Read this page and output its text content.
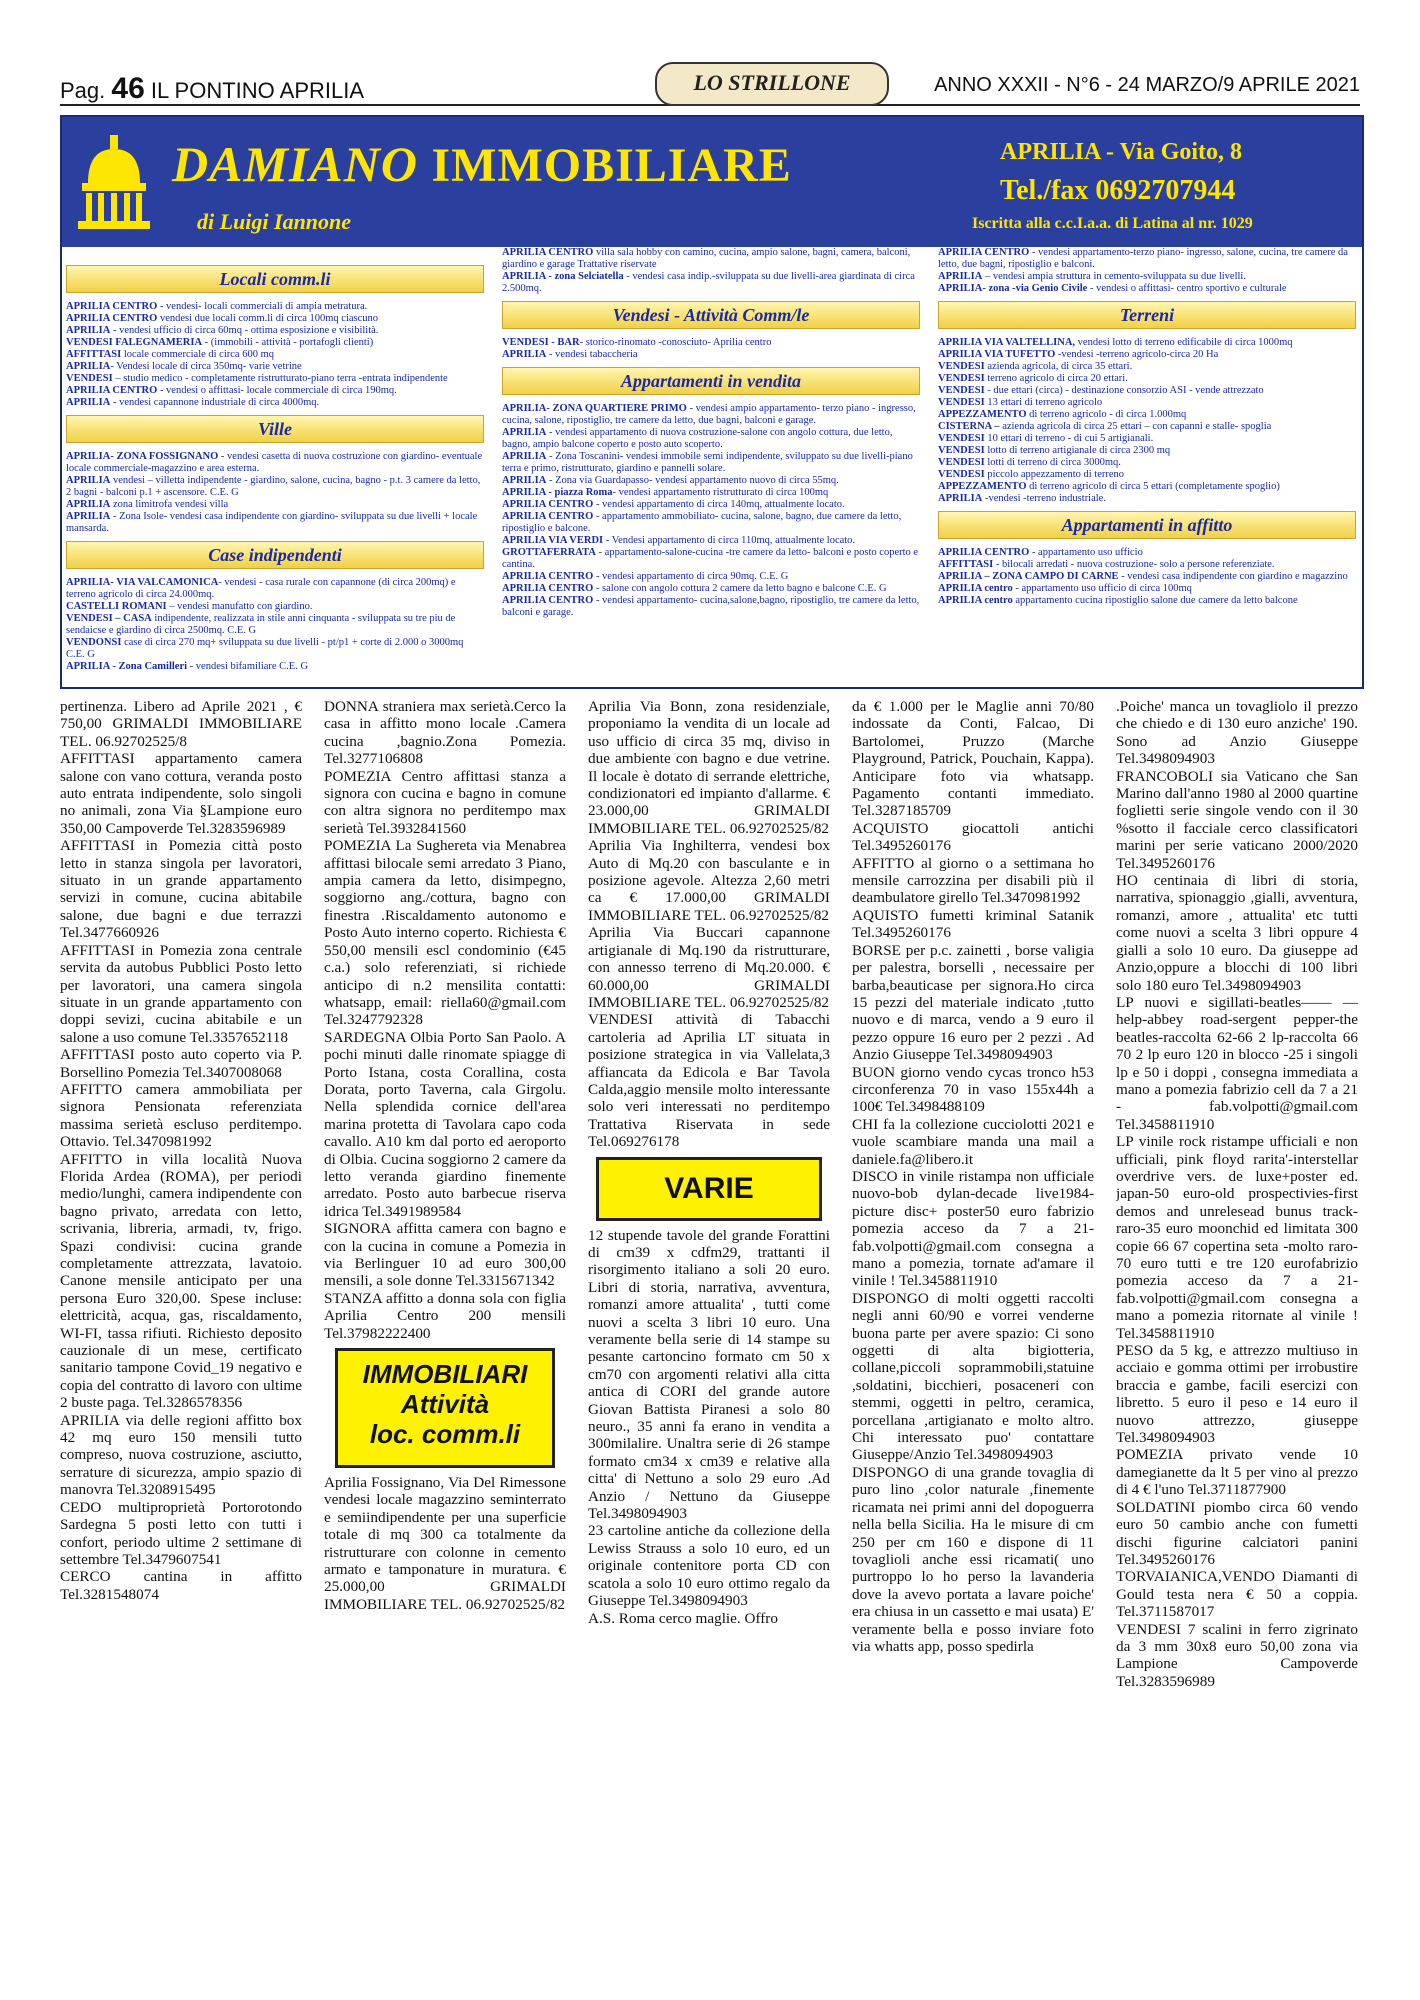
Pag. 46 IL PONTINO APRILIA	LO STRILLONE	ANNO XXXII - N°6 - 24 MARZO/9 APRILE 2021
DAMIANO IMMOBILIARE
di Luigi Iannone
APRILIA - Via Goito, 8
Tel./fax 0692707944
Iscritta alla c.c.I.a.a. di Latina al nr. 1029
Locali comm.li

APRILIA CENTRO - vendesi- locali commerciali di ampia metratura.

APRILIA CENTRO vendesi due locali comm.li di circa 100mq ciascuno

APRILIA - vendesi ufficio di circa 60mq - ottima esposizione e visibilità.

VENDESI FALEGNAMERIA - (immobili - attività - portafogli clienti)

AFFITTASI locale commerciale di circa 600 mq

APRILIA- Vendesi locale di circa 350mq- varie vetrine

VENDESI – studio medico - completamente ristrutturato-piano terra -entrata indipendente

APRILIA CENTRO - vendesi o affittasi- locale commerciale di circa 190mq.

APRILIA - vendesi capannone industriale di circa 4000mq.

Ville

APRILIA- ZONA FOSSIGNANO - vendesi casetta di nuova costruzione con giardino- eventuale locale commerciale-magazzino e area esterna.

APRILIA vendesi – villetta indipendente - giardino, salone, cucina, bagno - p.t. 3 camere da letto, 2 bagni - balconi p.1 + ascensore. C.E. G

APRILIA zona limitrofa vendesi villa

APRILIA - Zona Isole- vendesi casa indipendente con giardino- sviluppata su due livelli + locale mansarda.

Case indipendenti

APRILIA- VIA VALCAMONICA- vendesi - casa rurale con capannone (di circa 200mq) e terreno agricolo di circa 24.000mq.

CASTELLI ROMANI – vendesi manufatto con giardino.

VENDESI – CASA indipendente, realizzata in stile anni cinquanta - sviluppata su tre piu de sendaicse e giardino di circa 2500mq. C.E. G

VENDONSI case di circa 270 mq+ sviluppata su due livelli - pt/p1 + corte di 2.000 o 3000mq C.E. G

APRILIA - Zona Camilleri - vendesi bifamiliare C.E. G

APRILIA CENTRO villa sala hobby con camino, cucina, ampio salone, bagni, camera, balconi, giardino e garage Trattative riservate

APRILIA - zona Selciatella - vendesi casa indip.-sviluppata su due livelli-area giardinata di circa 2.500mq.

Vendesi - Attività Comm/le

VENDESI - BAR- storico-rinomato -conosciuto- Aprilia centro

APRILIA - vendesi tabaccheria

Appartamenti in vendita

APRILIA- ZONA QUARTIERE PRIMO - vendesi ampio appartamento- terzo piano - ingresso, cucina, salone, ripostiglio, tre camere da letto, due bagni, balconi e garage.

APRILIA - vendesi appartamento di nuova costruzione-salone con angolo cottura, due letto, bagno, ampio balcone coperto e posto auto scoperto.

APRILIA - Zona Toscanini- vendesi immobile semi indipendente, sviluppato su due livelli-piano terra e primo, ristrutturato, giardino e pannelli solare.

APRILIA - Zona via Guardapasso- vendesi appartamento nuovo di circa 55mq.

APRILIA - piazza Roma- vendesi appartamento ristrutturato di circa 100mq

APRILIA CENTRO - vendesi appartamento di circa 140mq, attualmente locato.

APRILIA CENTRO - appartamento ammobiliato- cucina, salone, bagno, due camere da letto, ripostiglio e balcone.

APRILIA VIA VERDI - Vendesi appartamento di circa 110mq, attualmente locato.

GROTTAFERRATA - appartamento-salone-cucina -tre camere da letto- balconi e posto coperto e cantina.

APRILIA CENTRO - vendesi appartamento di circa 90mq. C.E. G

APRILIA CENTRO - salone con angolo cottura 2 camere da letto bagno e balcone C.E. G

APRILIA CENTRO - vendesi appartamento- cucina,salone,bagno, ripostiglio, tre camere da letto, balconi e garage.

APRILIA CENTRO - vendesi appartamento-terzo piano- ingresso, salone, cucina, tre camere da letto, due bagni, ripostiglio e balconi.

APRILIA – vendesi ampia struttura in cemento-sviluppata su due livelli.

APRILIA- zona -via Genio Civile - vendesi o affittasi- centro sportivo e culturale

Terreni

APRILIA VIA VALTELLINA, vendesi lotto di terreno edificabile di circa 1000mq

APRILIA VIA TUFETTO -vendesi -terreno agricolo-circa 20 Ha

VENDESI azienda agricola, di circa 35 ettari.

VENDESI terreno agricolo di circa 20 ettari.

VENDESI - due ettari (circa) - destinazione consorzio ASI - vende attrezzato

VENDESI 13 ettari di terreno agricolo

APPEZZAMENTO di terreno agricolo - di circa 1.000mq

CISTERNA – azienda agricola di circa 25 ettari – con capanni e stalle- spoglia

VENDESI 10 ettari di terreno - di cui 5 artigianali.

VENDESI lotto di terreno artigianale di circa 2300 mq

VENDESI lotti di terreno di circa 3000mq.

VENDESI piccolo appezzamento di terreno

APPEZZAMENTO di terreno agricolo di circa 5 ettari (completamente spoglio)

APRILIA -vendesi -terreno industriale.

Appartamenti in affitto

APRILIA CENTRO - appartamento uso ufficio

AFFITTASI - bilocali arredati - nuova costruzione- solo a persone referenziate.

APRILIA – ZONA CAMPO DI CARNE - vendesi casa indipendente con giardino e magazzino

APRILIA centro - appartamento uso ufficio di circa 100mq

APRILIA centro appartamento cucina ripostiglio salone due camere da letto balcone

pertinenza. Libero ad Aprile 2021 , € 750,00 GRIMALDI IMMOBILIARE TEL. 06.92702525/8

AFFITTASI appartamento camera salone con vano cottura, veranda posto auto entrata indipendente, solo singoli no animali, zona Via §Lampione euro 350,00 Campoverde Tel.3283596989

AFFITTASI in Pomezia città posto letto in stanza singola per lavoratori, situato in un grande appartamento servizi in comune, cucina abitabile salone, due bagni e due terrazzi Tel.3477660926

AFFITTASI in Pomezia zona centrale servita da autobus Pubblici Posto letto per lavoratori, una camera singola situate in un grande appartamento con doppi sevizi, cucina abitabile e un salone a uso comune Tel.3357652118

AFFITTASI posto auto coperto via P. Borsellino Pomezia Tel.3407008068

AFFITTO camera ammobiliata per signora Pensionata referenziata massima serietà escluso perditempo. Ottavio. Tel.3470981992

AFFITTO in villa località Nuova Florida Ardea (ROMA), per periodi medio/lunghi, camera indipendente con bagno privato, arredata con letto, scrivania, libreria, armadi, tv, frigo. Spazi condivisi: cucina grande completamente attrezzata, lavatoio. Canone mensile anticipato per una persona Euro 320,00. Spese incluse: elettricità, acqua, gas, riscaldamento, WI-FI, tassa rifiuti. Richiesto deposito cauzionale di un mese, certificato sanitario tampone Covid_19 negativo e copia del contratto di lavoro con ultime 2 buste paga. Tel.3286578356

APRILIA via delle regioni affitto box 42 mq euro 150 mensili tutto compreso, nuova costruzione, asciutto, serrature di sicurezza, ampio spazio di manovra Tel.3208915495

CEDO multiproprietà Portorotondo Sardegna 5 posti letto con tutti i confort, periodo ultime 2 settimane di settembre Tel.3479607541

CERCO cantina in affitto Tel.3281548074

DONNA straniera max serietà.Cerco la casa in affitto mono locale .Camera cucina ,bagnio.Zona Pomezia. Tel.3277106808

POMEZIA Centro affittasi stanza a signora con cucina e bagno in comune con altra signora no perditempo max serietà Tel.3932841560

POMEZIA La Sughereta via Menabrea affittasi bilocale semi arredato 3 Piano, ampia camera da letto, disimpegno, soggiorno ang./cottura, bagno con finestra .Riscaldamento autonomo e Posto Auto interno coperto. Richiesta € 550,00 mensili escl condominio (€45 c.a.) solo referenziati, si richiede anticipo di n.2 mensilita contatti: whatsapp, email: riella60@gmail.com Tel.3247792328

SARDEGNA Olbia Porto San Paolo. A pochi minuti dalle rinomate spiagge di Porto Istana, costa Corallina, costa Dorata, porto Taverna, cala Girgolu. Nella splendida cornice dell'area marina protetta di Tavolara capo coda cavallo. A10 km dal porto ed aeroporto di Olbia. Cucina soggiorno 2 camere da letto veranda giardino finemente arredato. Posto auto barbecue riserva idrica Tel.3491989584

SIGNORA affitta camera con bagno e con la cucina in comune a Pomezia in via Berlinguer 10 ad euro 300,00 mensili, a sole donne Tel.3315671342

STANZA affitto a donna sola con figlia Aprilia Centro 200 mensili Tel.37982222400

IMMOBILIARI
Attività
loc. comm.li

Aprilia Fossignano, Via Del Rimessone vendesi locale magazzino seminterrato e semiindipendente per una superficie totale di mq 300 ca totalmente da ristrutturare con colonne in cemento armato e tamponature in muratura. € 25.000,00 GRIMALDI IMMOBILIARE TEL. 06.92702525/82

Aprilia Via Bonn, zona residenziale, proponiamo la vendita di un locale ad uso ufficio di circa 35 mq, diviso in due ambiente con bagno e due vetrine. Il locale è dotato di serrande elettriche, condizionatori ed impianto d'allarme. € 23.000,00 GRIMALDI IMMOBILIARE TEL. 06.92702525/82

Aprilia Via Inghilterra, vendesi box Auto di Mq.20 con basculante e in posizione agevole. Altezza 2,60 metri ca € 17.000,00 GRIMALDI IMMOBILIARE TEL. 06.92702525/82

Aprilia Via Buccari capannone artigianale di Mq.190 da ristrutturare, con annesso terreno di Mq.20.000. € 60.000,00 GRIMALDI IMMOBILIARE TEL. 06.92702525/82

VENDESI attività di Tabacchi cartoleria ad Aprilia LT situata in posizione strategica in via Vallelata,3 affiancata da Edicola e Bar Tavola Calda,aggio mensile molto interessante solo veri interessati no perditempo Trattativa Riservata in sede Tel.069276178

VARIE

12 stupende tavole del grande Forattini di cm39 x cdfm29, trattanti il risorgimento italiano a soli 20 euro. Libri di storia, narrativa, avventura, romanzi amore attualita' , tutti come nuovi a scelta 3 libri 10 euro. Una veramente bella serie di 14 stampe su pesante cartoncino formato cm 50 x cm70 con argomenti relativi alla citta antica di CORI del grande autore Giovan Battista Piranesi a solo 80 neuro., 35 anni fa erano in vendita a 300milalire. Unaltra serie di 26 stampe formato cm34 x cm39 e relative alla citta' di Nettuno a solo 29 euro .Ad Anzio / Nettuno da Giuseppe Tel.3498094903

23 cartoline antiche da collezione della Lewiss Strauss a solo 10 euro, ed un originale contenitore porta CD con scatola a solo 10 euro ottimo regalo da Giuseppe Tel.3498094903

A.S. Roma cerco maglie. Offro

da € 1.000 per le Maglie anni 70/80 indossate da Conti, Falcao, Di Bartolomei, Pruzzo (Marche Playground, Patrick, Pouchain, Kappa). Anticipare foto via whatsapp. Pagamento contanti immediato. Tel.3287185709

ACQUISTO giocattoli antichi Tel.3495260176

AFFITTO al giorno o a settimana ho mensile carrozzina per disabili più il deambulatore girello Tel.3470981992

AQUISTO fumetti kriminal Satanik Tel.3495260176

BORSE per p.c. zainetti , borse valigia per palestra, borselli , necessaire per barba,beauticase per signora.Ho circa 15 pezzi del materiale indicato ,tutto nuovo e di marca, vendo a 9 euro il pezzo oppure 16 euro per 2 pezzi . Ad Anzio Giuseppe Tel.3498094903

BUON giorno vendo cycas tronco h53 circonferenza 70 in vaso 155x44h a 100€ Tel.3498488109

CHI fa la collezione cucciolotti 2021 e vuole scambiare manda una mail a daniele.fa@libero.it

DISCO in vinile ristampa non ufficiale nuovo-bob dylan-decade live1984-picture disc+ poster50 euro fabrizio pomezia acceso da 7 a 21-fab.volpotti@gmail.com consegna a mano a pomezia, tornate ad'amare il vinile ! Tel.3458811910

DISPONGO di molti oggetti raccolti negli anni 60/90 e vorrei venderne buona parte per avere spazio: Ci sono oggetti di alta bigiotteria, collane,piccoli soprammobili,statuine ,soldatini, bicchieri, posaceneri con stemmi, oggetti in peltro, ceramica, porcellana ,artigianato e molto altro. Chi interessato puo' contattare Giuseppe/Anzio Tel.3498094903

DISPONGO di una grande tovaglia di puro lino ,color naturale ,finemente ricamata nei primi anni del dopoguerra nella bella Sicilia. Ha le misure di cm 250 per cm 160 e dispone di 11 tovaglioli anche essi ricamati( uno purtroppo lo ho perso la lavanderia dove la avevo portata a lavare poiche' era chiusa in un cassetto e mai usata) E' veramente bella e posso inviare foto via whatts app, posso spedirla

.Poiche' manca un tovagliolo il prezzo che chiedo e di 130 euro anziche' 190. Sono ad Anzio Giuseppe Tel.3498094903

FRANCOBOLI sia Vaticano che San Marino dall'anno 1980 al 2000 quartine foglietti serie singole vendo con il 30 %sotto il facciale cerco classificatori marini per serie vaticano 2000/2020 Tel.3495260176

HO centinaia di libri di storia, narrativa, spionaggio ,gialli, avventura, romanzi, amore , attualita' etc tutti come nuovi a scelta 3 libri oppure 4 gialli a solo 10 euro. Da giuseppe ad Anzio,oppure a blocchi di 100 libri solo 180 euro Tel.3498094903

LP nuovi e sigillati-beatles—— —help-abbey road-sergent pepper-the beatles-raccolta 62-66 2 lp-raccolta 66 70 2 lp euro 120 in blocco -25 i singoli lp e 50 i doppi , consegna immediata a mano a pomezia fabrizio cell da 7 a 21 - fab.volpotti@gmail.com Tel.3458811910

LP vinile rock ristampe ufficiali e non ufficiali, pink floyd rarita'-interstellar overdrive vers. de luxe+poster ed. japan-50 euro-old prospectivies-first demos and unrelesead bunus track-raro-35 euro moonchid ed limitata 300 copie 66 67 copertina seta -molto raro-70 euro tutti e tre 120 eurofabrizio pomezia acceso da 7 a 21-fab.volpotti@gmail.com consegna a mano a pomezia ritornate al vinile ! Tel.3458811910

PESO da 5 kg, e attrezzo multiuso in acciaio e gomma ottimi per irrobustire braccia e gambe, facili esercizi con libretto. 5 euro il peso e 14 euro il nuovo attrezzo, giuseppe Tel.3498094903

POMEZIA privato vende 10 damegianette da lt 5 per vino al prezzo di 4 € l'uno Tel.3711877900

SOLDATINI piombo circa 60 vendo euro 50 cambio anche con fumetti dischi figurine calciatori panini Tel.3495260176

TORVAIANICA,VENDO Diamanti di Gould testa nera € 50 a coppia. Tel.3711587017

VENDESI 7 scalini in ferro zigrinato da 3 mm 30x8 euro 50,00 zona via Lampione Campoverde Tel.3283596989
